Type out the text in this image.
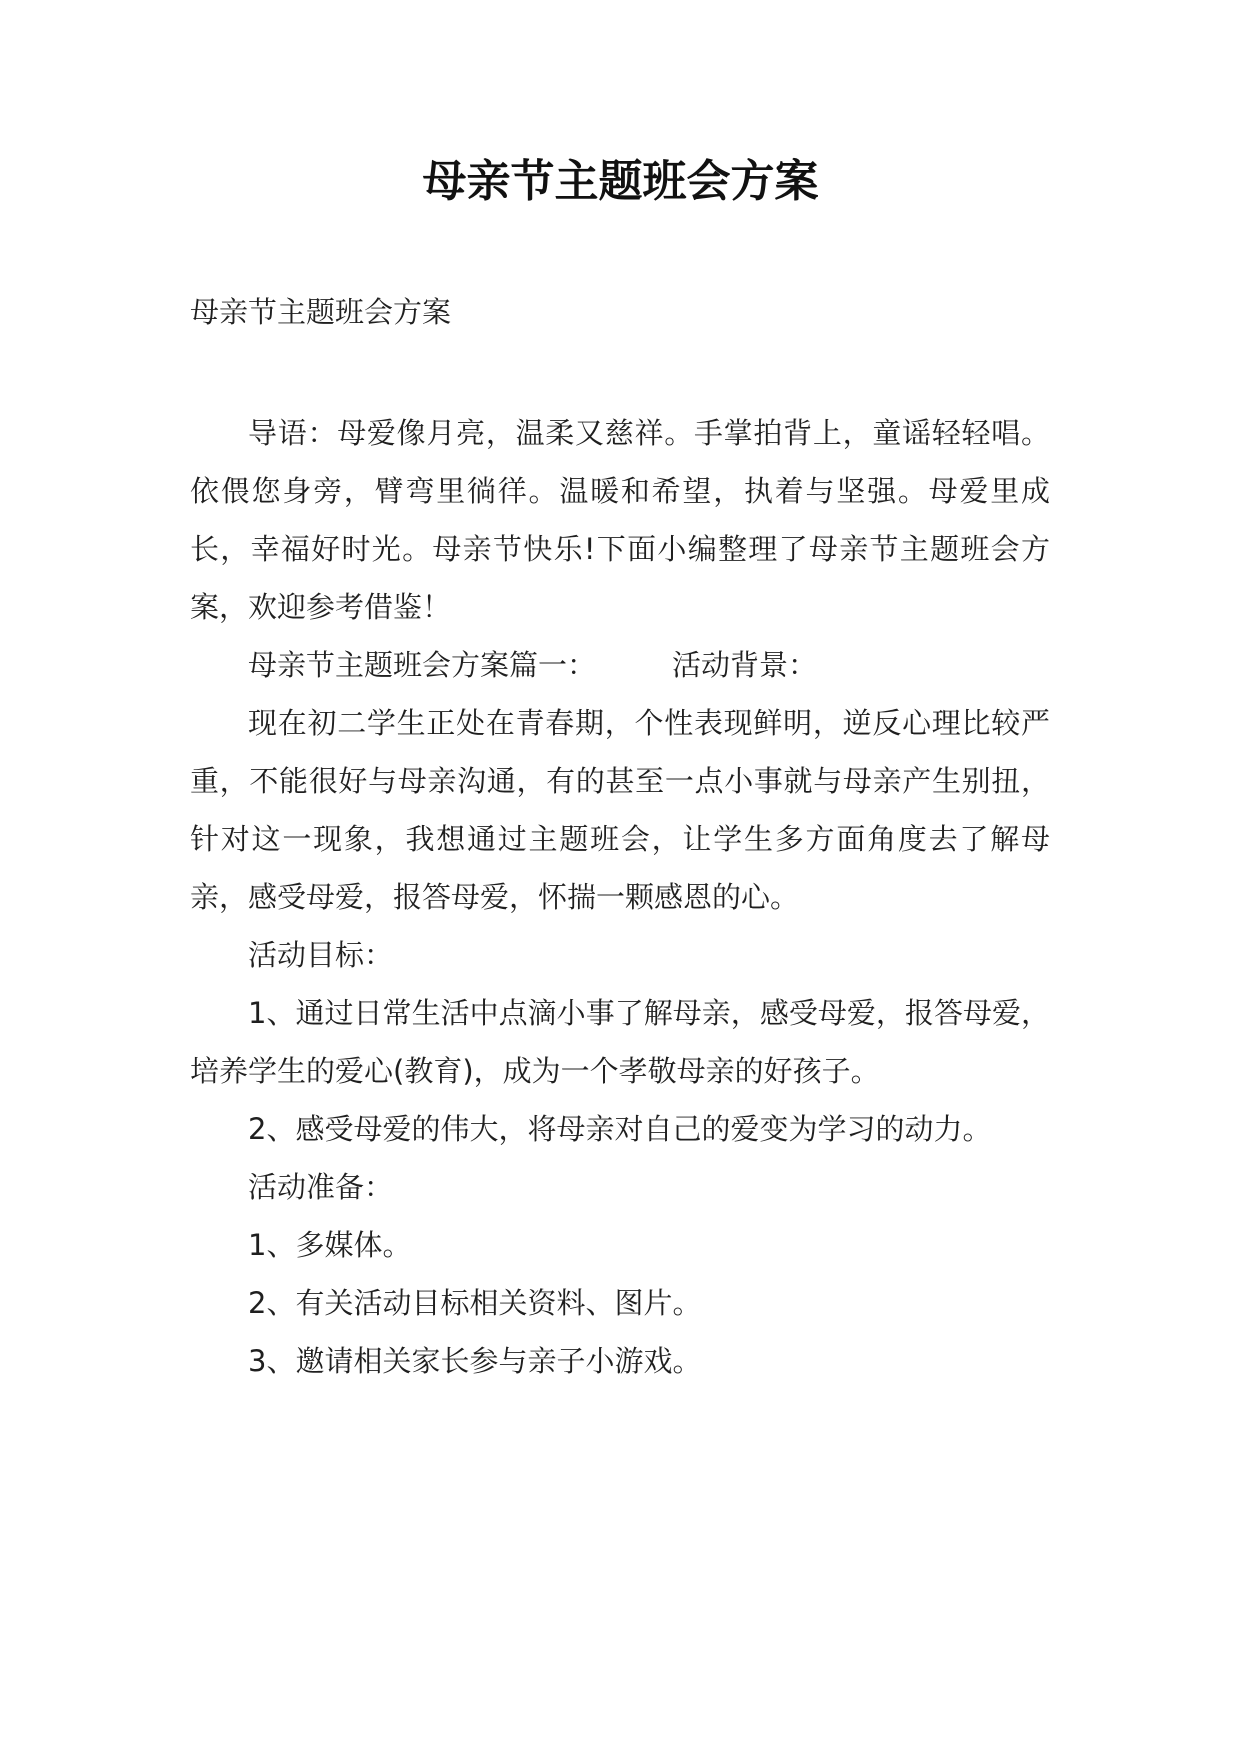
母亲节主题班会方案
母亲节主题班会方案

导语：母爱像月亮，温柔又慈祥。手掌拍背上，童谣轻轻唱。依偎您身旁，臂弯里徜徉。温暖和希望，执着与坚强。母爱里成长，幸福好时光。母亲节快乐!下面小编整理了母亲节主题班会方案，欢迎参考借鉴！

母亲节主题班会方案篇一：	活动背景：

现在初二学生正处在青春期，个性表现鲜明，逆反心理比较严重，不能很好与母亲沟通，有的甚至一点小事就与母亲产生别扭，针对这一现象，我想通过主题班会，让学生多方面角度去了解母亲，感受母爱，报答母爱，怀揣一颗感恩的心。

活动目标：

1、通过日常生活中点滴小事了解母亲，感受母爱，报答母爱，培养学生的爱心(教育)，成为一个孝敬母亲的好孩子。

2、感受母爱的伟大，将母亲对自己的爱变为学习的动力。

活动准备：

1、多媒体。

2、有关活动目标相关资料、图片。

3、邀请相关家长参与亲子小游戏。
